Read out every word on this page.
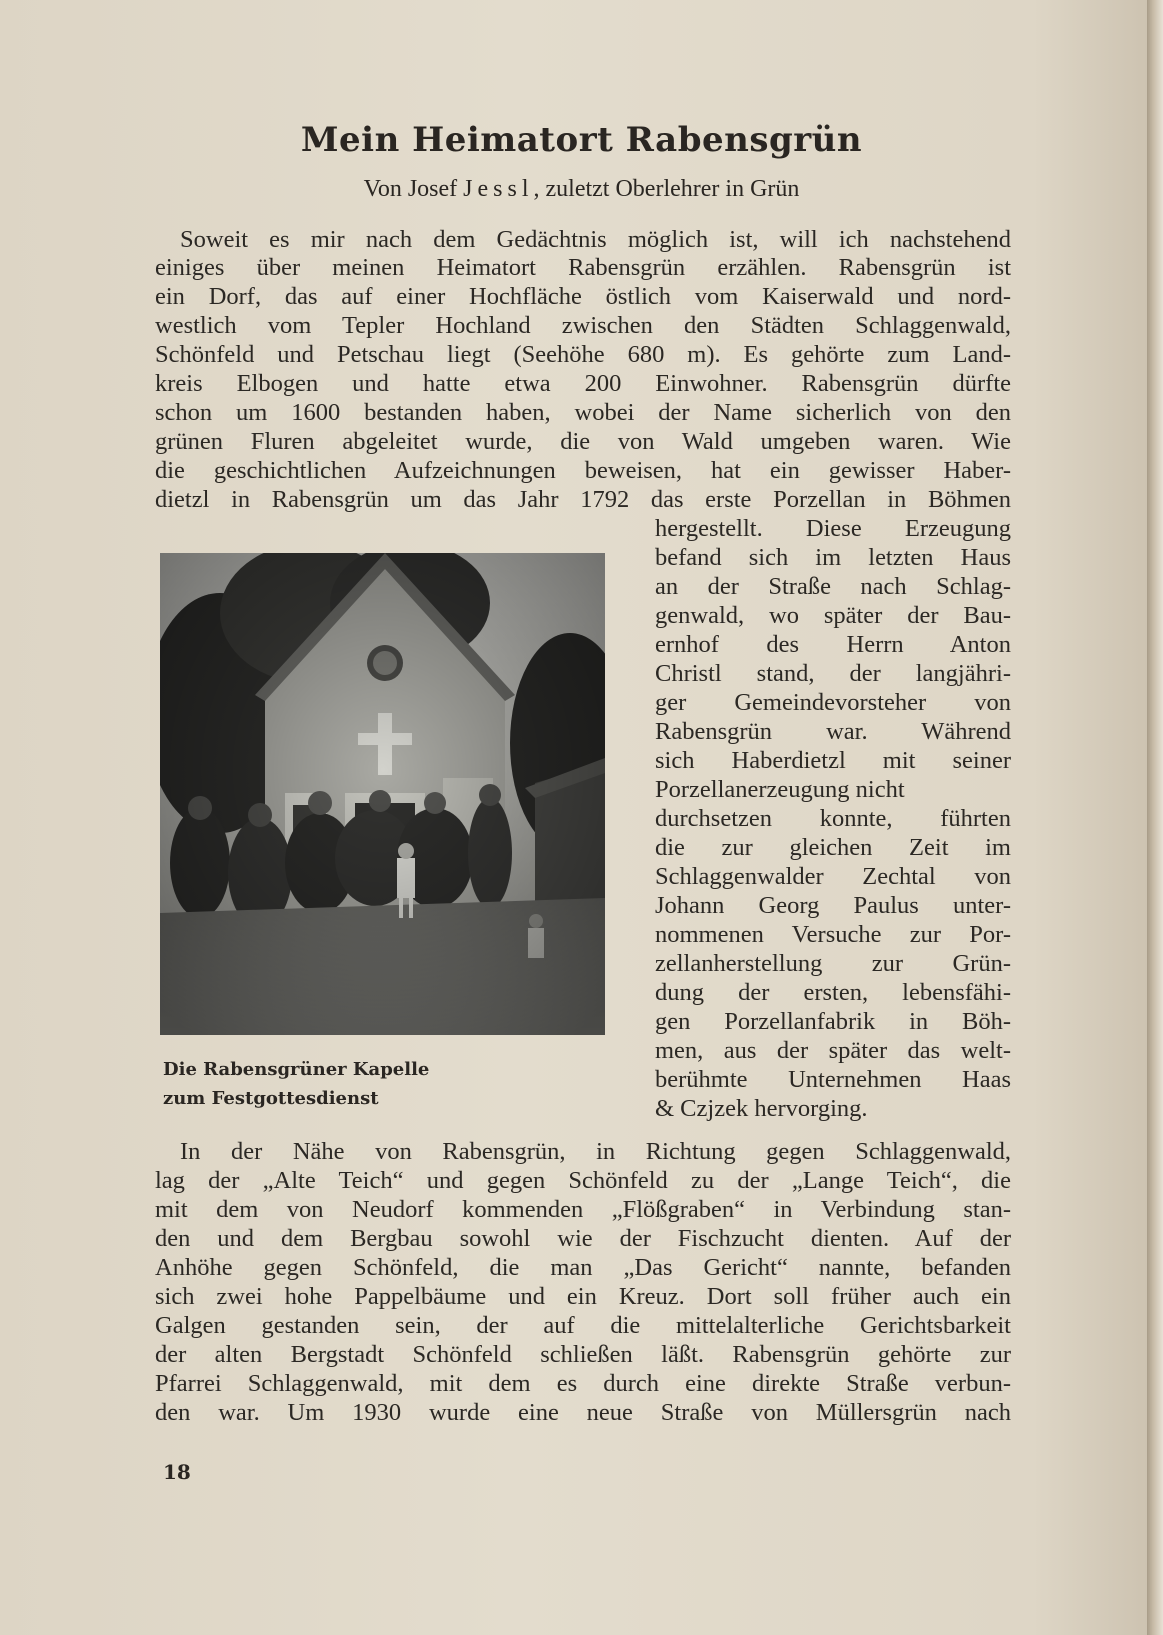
Mein Heimatort Rabensgrün
Von Josef Jessl, zuletzt Oberlehrer in Grün
Soweit es mir nach dem Gedächtnis möglich ist, will ich nachstehend
einiges über meinen Heimatort Rabensgrün erzählen. Rabensgrün ist
ein Dorf, das auf einer Hochfläche östlich vom Kaiserwald und nord-
westlich vom Tepler Hochland zwischen den Städten Schlaggenwald,
Schönfeld und Petschau liegt (Seehöhe 680 m). Es gehörte zum Land-
kreis Elbogen und hatte etwa 200 Einwohner. Rabensgrün dürfte
schon um 1600 bestanden haben, wobei der Name sicherlich von den
grünen Fluren abgeleitet wurde, die von Wald umgeben waren. Wie
die geschichtlichen Aufzeichnungen beweisen, hat ein gewisser Haber-
dietzl in Rabensgrün um das Jahr 1792 das erste Porzellan in Böhmen
hergestellt. Diese Erzeugung
befand sich im letzten Haus
an der Straße nach Schlag-
genwald, wo später der Bau-
ernhof des Herrn Anton
Christl stand, der langjähri-
ger Gemeindevorsteher von
Rabensgrün war. Während
sich Haberdietzl mit seiner
Porzellanerzeugung nicht
durchsetzen konnte, führten
die zur gleichen Zeit im
Schlaggenwalder Zechtal von
Johann Georg Paulus unter-
nommenen Versuche zur Por-
zellanherstellung zur Grün-
dung der ersten, lebensfähi-
gen Porzellanfabrik in Böh-
men, aus der später das welt-
berühmte Unternehmen Haas
& Czjzek hervorging.
Die Rabensgrüner Kapelle
zum Festgottesdienst
In der Nähe von Rabensgrün, in Richtung gegen Schlaggenwald,
lag der „Alte Teich“ und gegen Schönfeld zu der „Lange Teich“, die
mit dem von Neudorf kommenden „Flößgraben“ in Verbindung stan-
den und dem Bergbau sowohl wie der Fischzucht dienten. Auf der
Anhöhe gegen Schönfeld, die man „Das Gericht“ nannte, befanden
sich zwei hohe Pappelbäume und ein Kreuz. Dort soll früher auch ein
Galgen gestanden sein, der auf die mittelalterliche Gerichtsbarkeit
der alten Bergstadt Schönfeld schließen läßt. Rabensgrün gehörte zur
Pfarrei Schlaggenwald, mit dem es durch eine direkte Straße verbun-
den war. Um 1930 wurde eine neue Straße von Müllersgrün nach
18
